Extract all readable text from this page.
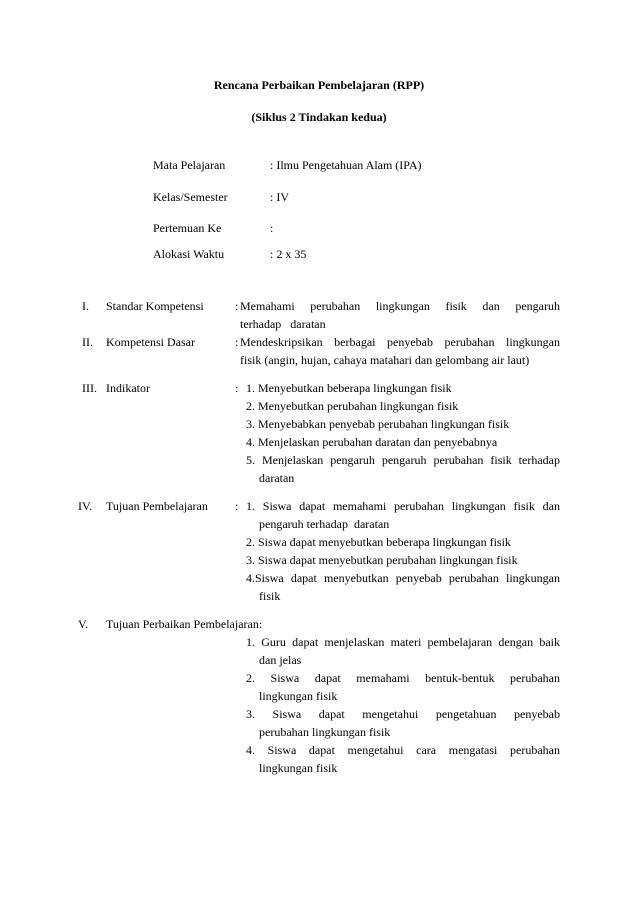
Rencana Perbaikan Pembelajaran (RPP)
(Siklus 2 Tindakan kedua)
Mata Pelajaran	: Ilmu Pengetahuan Alam (IPA)
Kelas/Semester	: IV
Pertemuan Ke	:
Alokasi Waktu	: 2 x 35
I. Standar Kompetensi	: Memahami perubahan lingkungan fisik dan pengaruh
terhadap   daratan
II. Kompetensi Dasar	: Mendeskripsikan berbagai penyebab perubahan lingkungan
fisik (angin, hujan, cahaya matahari dan gelombang air laut)
III. Indikator	: 1. Menyebutkan beberapa lingkungan fisik
2. Menyebutkan perubahan lingkungan fisik
3. Menyebabkan penyebab perubahan lingkungan fisik
4. Menjelaskan perubahan daratan dan penyebabnya
5. Menjelaskan pengaruh pengaruh perubahan fisik terhadap
daratan
IV. Tujuan Pembelajaran : 1. Siswa dapat memahami perubahan lingkungan fisik dan
pengaruh terhadap  daratan
2. Siswa dapat menyebutkan beberapa lingkungan fisik
3. Siswa dapat menyebutkan perubahan lingkungan fisik
4.Siswa dapat menyebutkan penyebab perubahan lingkungan
fisik
V. Tujuan Perbaikan Pembelajaran:
1. Guru dapat menjelaskan materi pembelajaran dengan baik
dan jelas
2. Siswa dapat memahami bentuk-bentuk perubahan
lingkungan fisik
3. Siswa dapat mengetahui pengetahuan penyebab
perubahan lingkungan fisik
4. Siswa dapat mengetahui cara mengatasi perubahan
lingkungan fisik
